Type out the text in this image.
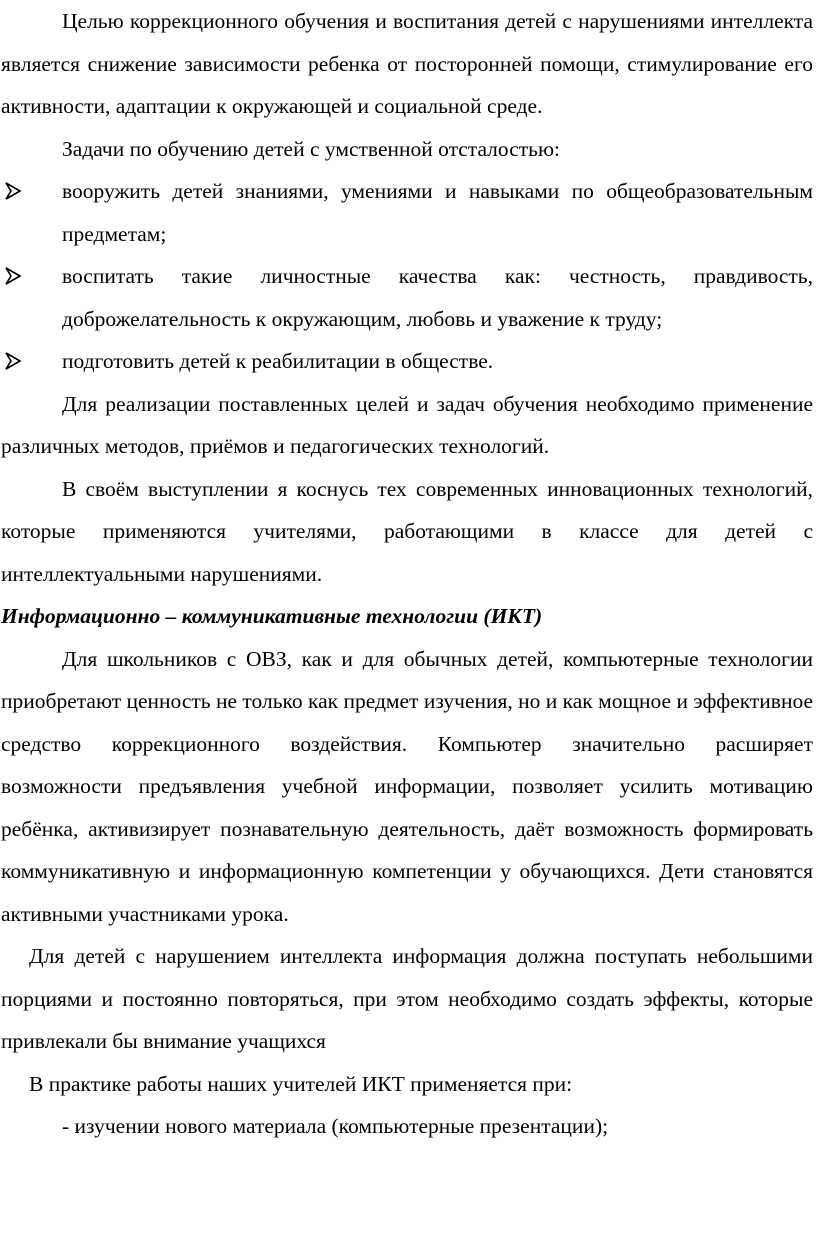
Целью коррекционного обучения и воспитания детей с нарушениями интеллекта является снижение зависимости ребенка от посторонней помощи, стимулирование его активности, адаптации к окружающей и социальной среде.

Задачи по обучению детей с умственной отсталостью:

вооружить детей знаниями, умениями и навыками по общеобразовательным предметам;
воспитать такие личностные качества как: честность, правдивость, доброжелательность к окружающим, любовь и уважение к труду;
подготовить детей к реабилитации в обществе.

Для реализации поставленных целей и задач обучения необходимо применение различных методов, приёмов и педагогических технологий.

В своём выступлении я коснусь тех современных инновационных технологий, которые применяются учителями, работающими в классе для детей с интеллектуальными нарушениями.

Информационно – коммуникативные технологии (ИКТ)

Для школьников с ОВЗ, как и для обычных детей, компьютерные технологии приобретают ценность не только как предмет изучения, но и как мощное и эффективное средство коррекционного воздействия. Компьютер значительно расширяет возможности предъявления учебной информации, позволяет усилить мотивацию ребёнка, активизирует познавательную деятельность, даёт возможность формировать коммуникативную и информационную компетенции у обучающихся. Дети становятся активными участниками урока.

Для детей с нарушением интеллекта информация должна поступать небольшими порциями и постоянно повторяться, при этом необходимо создать эффекты, которые привлекали бы внимание учащихся

В практике работы наших учителей ИКТ применяется при:

- изучении нового материала (компьютерные презентации);
